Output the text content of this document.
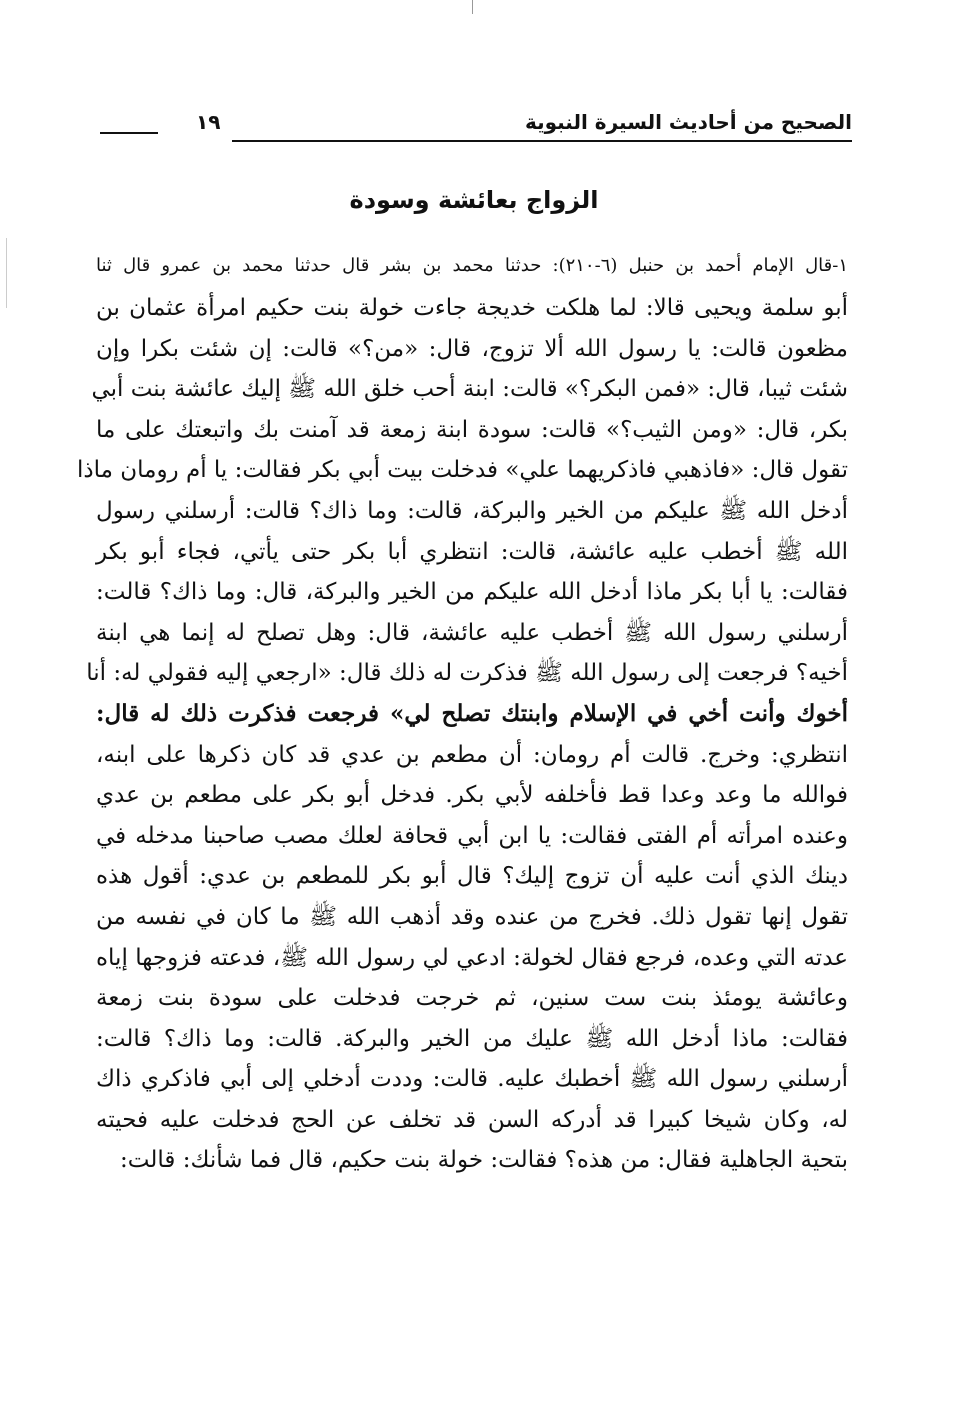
الصحيح من أحاديث السيرة النبوية
١٩
الزواج بعائشة وسودة
١-قال الإمام أحمد بن حنبل (٦-٢١٠): حدثنا محمد بن بشر قال حدثنا محمد بن عمرو قال ثنا
أبو سلمة ويحيى قالا: لما هلكت خديجة جاءت خولة بنت حكيم امرأة عثمان بن
مظعون قالت: يا رسول الله ألا تزوج، قال: «من؟» قالت: إن شئت بكرا وإن
شئت ثيبا، قال: «فمن البكر؟» قالت: ابنة أحب خلق الله ﷺ إليك عائشة بنت أبي
بكر، قال: «ومن الثيب؟» قالت: سودة ابنة زمعة قد آمنت بك واتبعتك على ما
تقول قال: «فاذهبي فاذكريهما علي» فدخلت بيت أبي بكر فقالت: يا أم رومان ماذا
أدخل الله ﷺ عليكم من الخير والبركة، قالت: وما ذاك؟ قالت: أرسلني رسول
الله ﷺ أخطب عليه عائشة، قالت: انتظري أبا بكر حتى يأتي، فجاء أبو بكر
فقالت: يا أبا بكر ماذا أدخل الله عليكم من الخير والبركة، قال: وما ذاك؟ قالت:
أرسلني رسول الله ﷺ أخطب عليه عائشة، قال: وهل تصلح له إنما هي ابنة
أخيه؟ فرجعت إلى رسول الله ﷺ فذكرت له ذلك قال: «ارجعي إليه فقولي له: أنا
أخوك وأنت أخي في الإسلام وابنتك تصلح لي» فرجعت فذكرت ذلك له قال:
انتظري: وخرج. قالت أم رومان: أن مطعم بن عدي قد كان ذكرها على ابنه،
فوالله ما وعد وعدا قط فأخلفه لأبي بكر. فدخل أبو بكر على مطعم بن عدي
وعنده امرأته أم الفتى فقالت: يا ابن أبي قحافة لعلك مصب صاحبنا مدخله في
دينك الذي أنت عليه أن تزوج إليك؟ قال أبو بكر للمطعم بن عدي: أقول هذه
تقول إنها تقول ذلك. فخرج من عنده وقد أذهب الله ﷺ ما كان في نفسه من
عدته التي وعده، فرجع فقال لخولة: ادعي لي رسول الله ﷺ، فدعته فزوجها إياه
وعائشة يومئذ بنت ست سنين، ثم خرجت فدخلت على سودة بنت زمعة
فقالت: ماذا أدخل الله ﷺ عليك من الخير والبركة. قالت: وما ذاك؟ قالت:
أرسلني رسول الله ﷺ أخطبك عليه. قالت: وددت أدخلي إلى أبي فاذكري ذاك
له، وكان شيخا كبيرا قد أدركه السن قد تخلف عن الحج فدخلت عليه فحيته
بتحية الجاهلية فقال: من هذه؟ فقالت: خولة بنت حكيم، قال فما شأنك: قالت:
